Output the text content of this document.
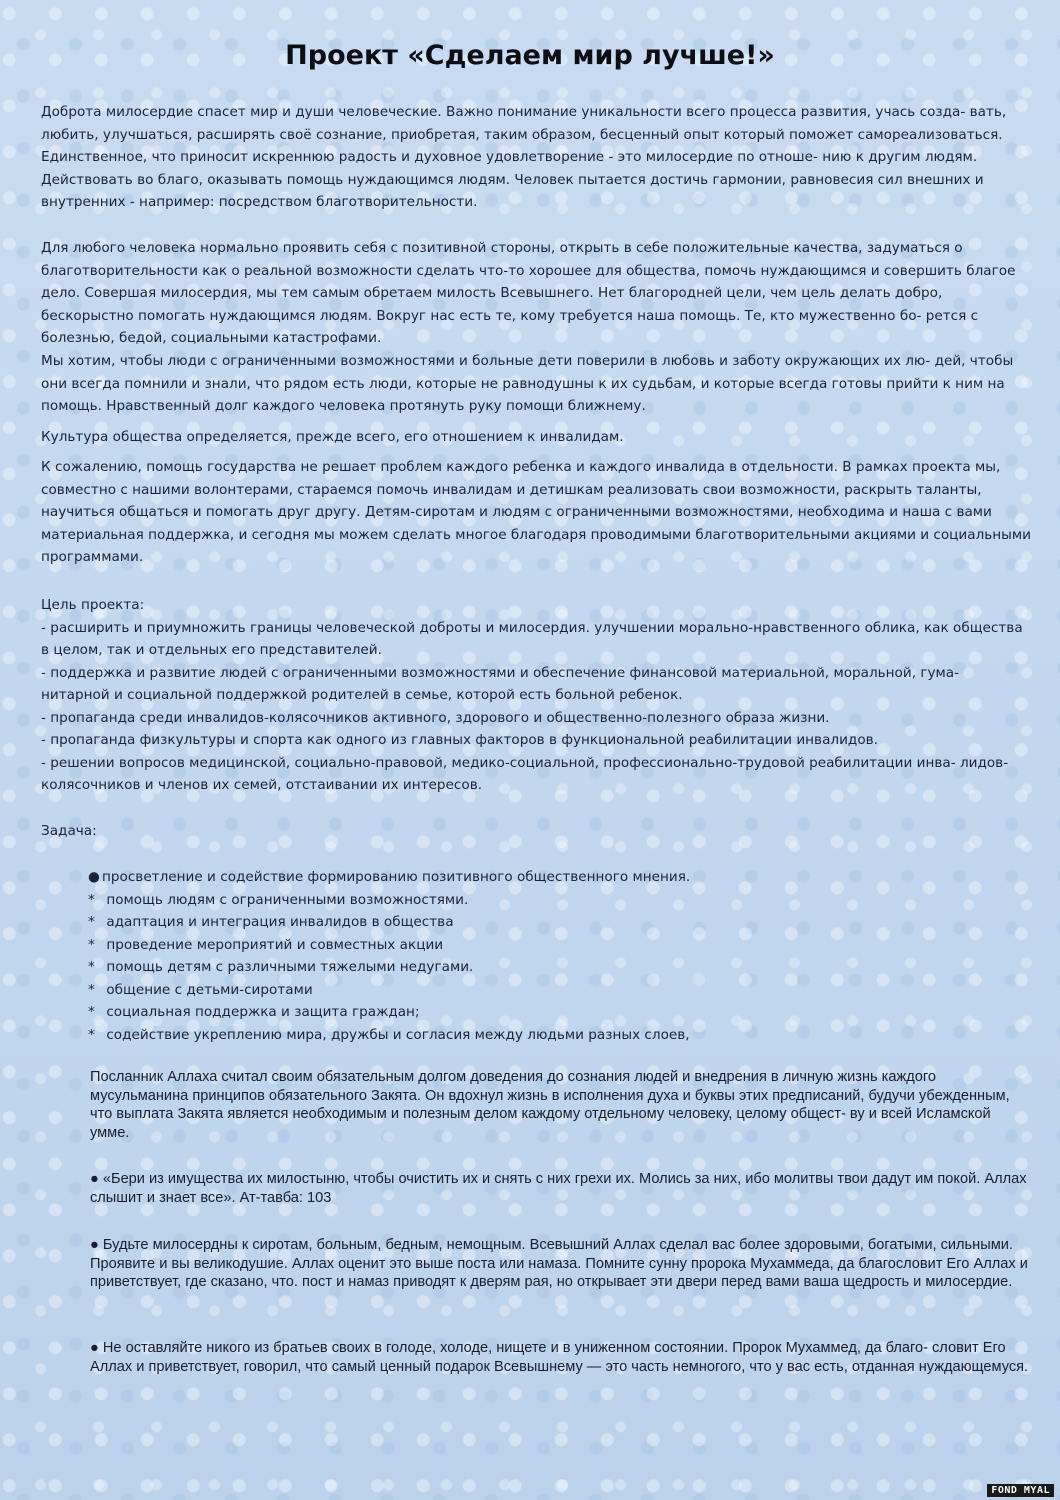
Проект «Сделаем мир лучше!»

Доброта милосердие спасет мир и души человеческие. Важно понимание уникальности всего процесса развития, учась созда- вать, любить, улучшаться, расширять своё сознание, приобретая, таким образом, бесценный опыт который поможет самореализоваться. Единственное, что приносит искреннюю радость и духовное удовлетворение - это милосердие по отноше- нию к другим людям. Действовать во благо, оказывать помощь нуждающимся людям. Человек пытается достичь гармонии, равновесия сил внешних и внутренних - например: посредством благотворительности.

Для любого человека нормально проявить себя с позитивной стороны, открыть в себе положительные качества, задуматься о благотворительности как о реальной возможности сделать что-то хорошее для общества, помочь нуждающимся и совершить благое дело. Совершая милосердия, мы тем самым обретаем милость Всевышнего. Нет благородней цели, чем цель делать добро, бескорыстно помогать нуждающимся людям. Вокруг нас есть те, кому требуется наша помощь. Те, кто мужественно бо- рется с болезнью, бедой, социальными катастрофами.

Мы хотим, чтобы люди с ограниченными возможностями и больные дети поверили в любовь и заботу окружающих их лю- дей, чтобы они всегда помнили и знали, что рядом есть люди, которые не равнодушны к их судьбам, и которые всегда готовы прийти к ним на помощь. Нравственный долг каждого человека протянуть руку помощи ближнему.

Культура общества определяется, прежде всего, его отношением к инвалидам.

К сожалению, помощь государства не решает проблем каждого ребенка и каждого инвалида в отдельности. В рамках проекта мы, совместно с нашими волонтерами, стараемся помочь инвалидам и детишкам реализовать свои возможности, раскрыть таланты, научиться общаться и помогать друг другу. Детям-сиротам и людям с ограниченными возможностями, необходима и наша с вами материальная поддержка, и сегодня мы можем сделать многое благодаря проводимыми благотворительными акциями и социальными программами.

Цель проекта:

- расширить и приумножить границы человеческой доброты и милосердия. улучшении морально-нравственного облика, как общества в целом, так и отдельных его представителей.

- поддержка и развитие людей с ограниченными возможностями и обеспечение финансовой материальной, моральной, гума- нитарной и социальной поддержкой родителей в семье, которой есть больной ребенок.

- пропаганда среди инвалидов-колясочников активного, здорового и общественно-полезного образа жизни.

- пропаганда физкультуры и спорта как одного из главных факторов в функциональной реабилитации инвалидов.

- решении вопросов медицинской, социально-правовой, медико-социальной, профессионально-трудовой реабилитации инва- лидов-колясочников и членов их семей, отстаивании их интересов.

Задача:

● просветление и содействие формированию позитивного общественного мнения.
* помощь людям с ограниченными возможностями.
* адаптация и интеграция инвалидов в общества
* проведение мероприятий и совместных акции
* помощь детям с различными тяжелыми недугами.
* общение с детьми-сиротами
* социальная поддержка и защита граждан;
* содействие укреплению мира, дружбы и согласия между людьми разных слоев,

Посланник Аллаха считал своим обязательным долгом доведения до сознания людей и внедрения в личную жизнь каждого мусульманина принципов обязательного Закята. Он вдохнул жизнь в исполнения духа и буквы этих предписаний, будучи убежденным, что выплата Закята является необходимым и полезным делом каждому отдельному человеку, целому общест- ву и всей Исламской умме.

● «Бери из имущества их милостыню, чтобы очистить их и снять с них грехи их. Молись за них, ибо молитвы твои дадут им покой. Аллах слышит и знает все». Ат-тавба: 103

● Будьте милосердны к сиротам, больным, бедным, немощным. Всевышний Аллах сделал вас более здоровыми, богатыми, сильными. Проявите и вы великодушие. Аллах оценит это выше поста или намаза. Помните сунну пророка Мухаммеда, да благословит Его Аллах и приветствует, где сказано, что. пост и намаз приводят к дверям рая, но открывает эти двери перед вами ваша щедрость и милосердие.

● Не оставляйте никого из братьев своих в голоде, холоде, нищете и в униженном состоянии. Пророк Мухаммед, да благо- словит Его Аллах и приветствует, говорил, что самый ценный подарок Всевышнему — это часть немногого, что у вас есть, отданная нуждающемуся.

FOND MYAL
